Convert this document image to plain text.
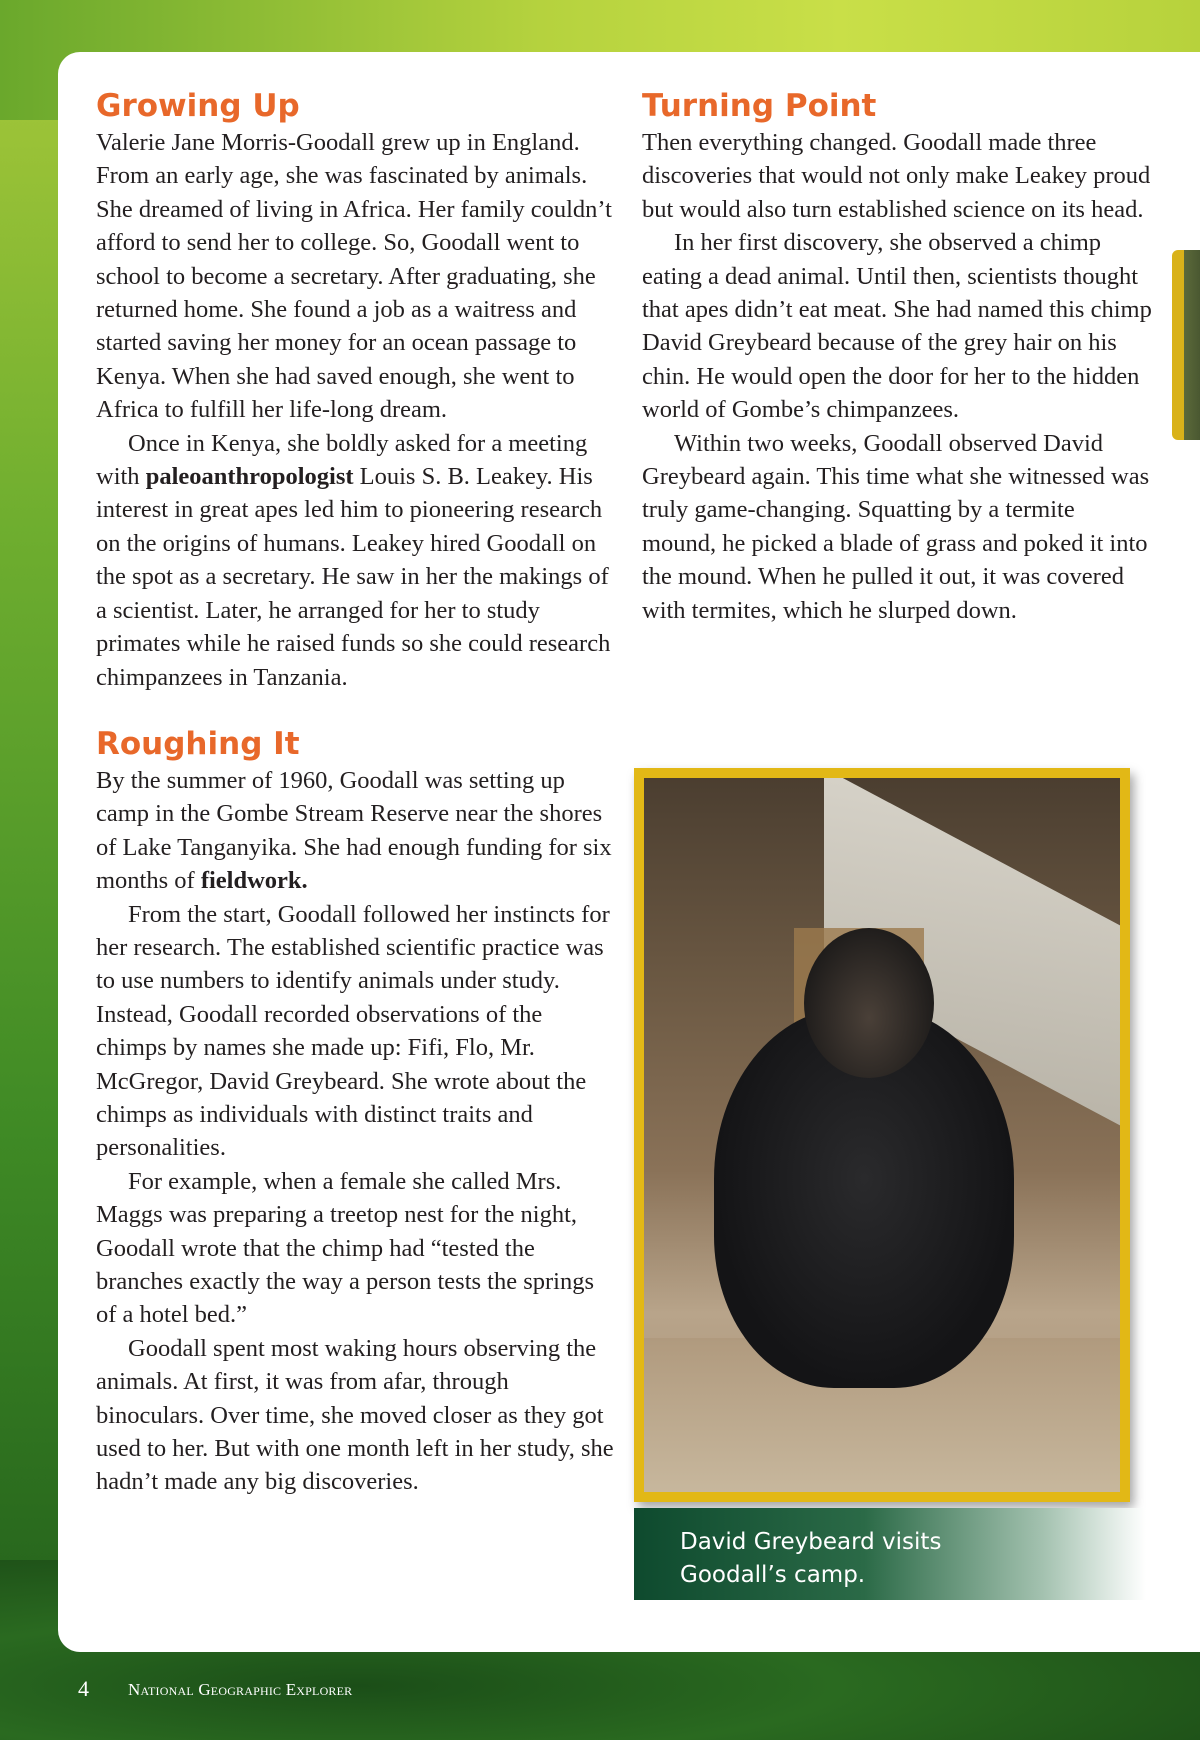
Growing Up

Valerie Jane Morris-Goodall grew up in England. From an early age, she was fascinated by animals. She dreamed of living in Africa. Her family couldn’t afford to send her to college. So, Goodall went to school to become a secretary. After graduating, she returned home. She found a job as a waitress and started saving her money for an ocean passage to Kenya. When she had saved enough, she went to Africa to fulfill her life-long dream.

Once in Kenya, she boldly asked for a meeting with paleoanthropologist Louis S. B. Leakey. His interest in great apes led him to pioneering research on the origins of humans. Leakey hired Goodall on the spot as a secretary. He saw in her the makings of a scientist. Later, he arranged for her to study primates while he raised funds so she could research chimpanzees in Tanzania.

Roughing It

By the summer of 1960, Goodall was setting up camp in the Gombe Stream Reserve near the shores of Lake Tanganyika. She had enough funding for six months of fieldwork.

From the start, Goodall followed her instincts for her research. The established scientific practice was to use numbers to identify animals under study. Instead, Goodall recorded observations of the chimps by names she made up: Fifi, Flo, Mr. McGregor, David Greybeard. She wrote about the chimps as individuals with distinct traits and personalities.

For example, when a female she called Mrs. Maggs was preparing a treetop nest for the night, Goodall wrote that the chimp had “tested the branches exactly the way a person tests the springs of a hotel bed.”

Goodall spent most waking hours observing the animals. At first, it was from afar, through binoculars. Over time, she moved closer as they got used to her. But with one month left in her study, she hadn’t made any big discoveries.

Turning Point

Then everything changed. Goodall made three discoveries that would not only make Leakey proud but would also turn established science on its head.

In her first discovery, she observed a chimp eating a dead animal. Until then, scientists thought that apes didn’t eat meat. She had named this chimp David Greybeard because of the grey hair on his chin. He would open the door for her to the hidden world of Gombe’s chimpanzees.

Within two weeks, Goodall observed David Greybeard again. This time what she witnessed was truly game-changing. Squatting by a termite mound, he picked a blade of grass and poked it into the mound. When he pulled it out, it was covered with termites, which he slurped down.

David Greybeard visits Goodall’s camp.
4 National Geographic Explorer
